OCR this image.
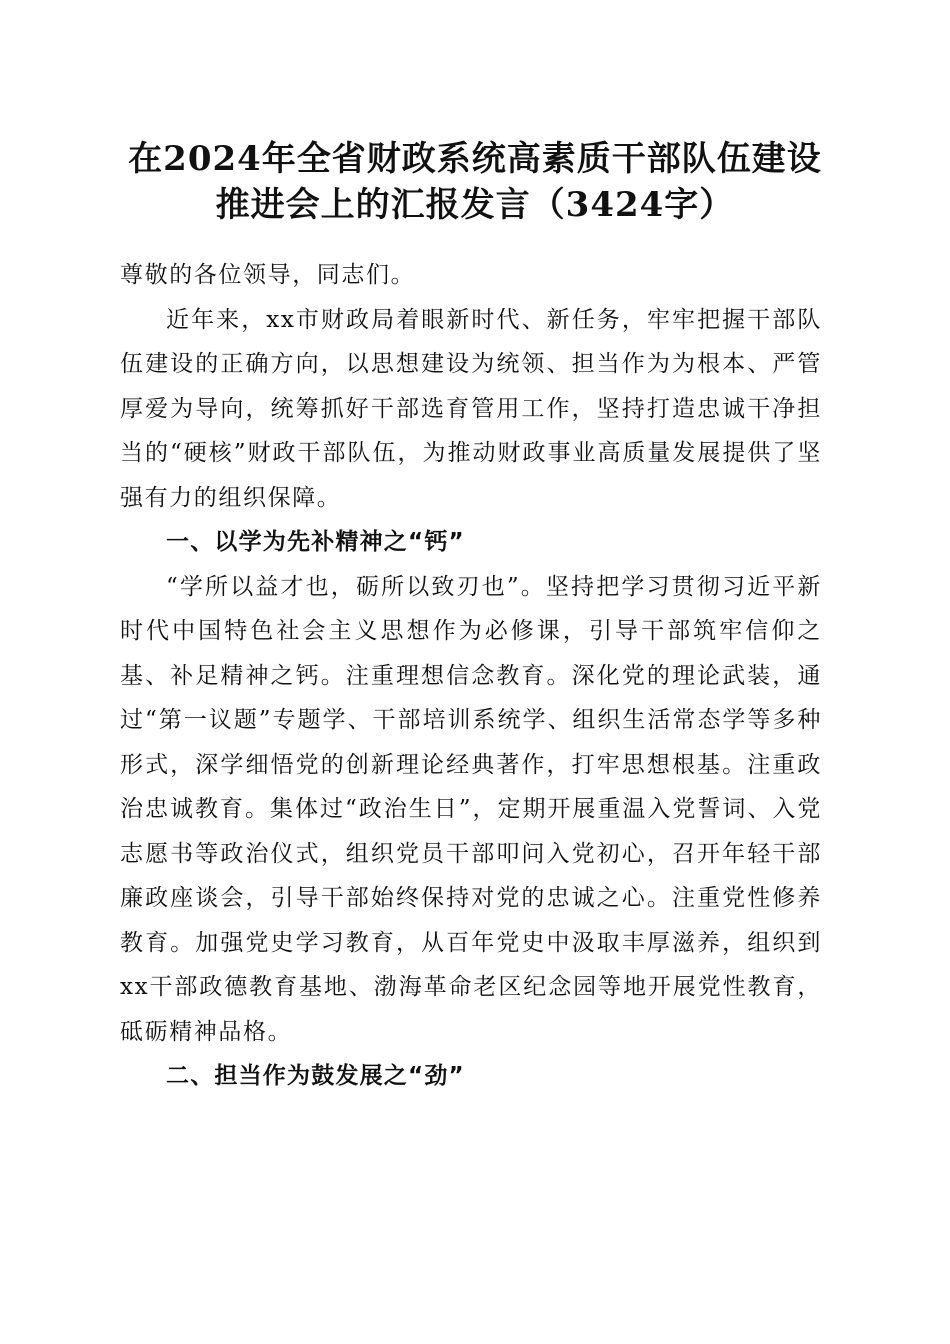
在2024年全省财政系统高素质干部队伍建设
推进会上的汇报发言（3424字）

尊敬的各位领导，同志们。

近年来，xx市财政局着眼新时代、新任务，牢牢把握干部队伍建设的正确方向，以思想建设为统领、担当作为为根本、严管厚爱为导向，统筹抓好干部选育管用工作，坚持打造忠诚干净担当的“硬核”财政干部队伍，为推动财政事业高质量发展提供了坚强有力的组织保障。

一、以学为先补精神之“钙”

“学所以益才也，砺所以致刃也”。坚持把学习贯彻习近平新时代中国特色社会主义思想作为必修课，引导干部筑牢信仰之基、补足精神之钙。注重理想信念教育。深化党的理论武装，通过“第一议题”专题学、干部培训系统学、组织生活常态学等多种形式，深学细悟党的创新理论经典著作，打牢思想根基。注重政治忠诚教育。集体过“政治生日”，定期开展重温入党誓词、入党志愿书等政治仪式，组织党员干部叩问入党初心，召开年轻干部廉政座谈会，引导干部始终保持对党的忠诚之心。注重党性修养教育。加强党史学习教育，从百年党史中汲取丰厚滋养，组织到xx干部政德教育基地、渤海革命老区纪念园等地开展党性教育，砥砺精神品格。

二、担当作为鼓发展之“劲”
